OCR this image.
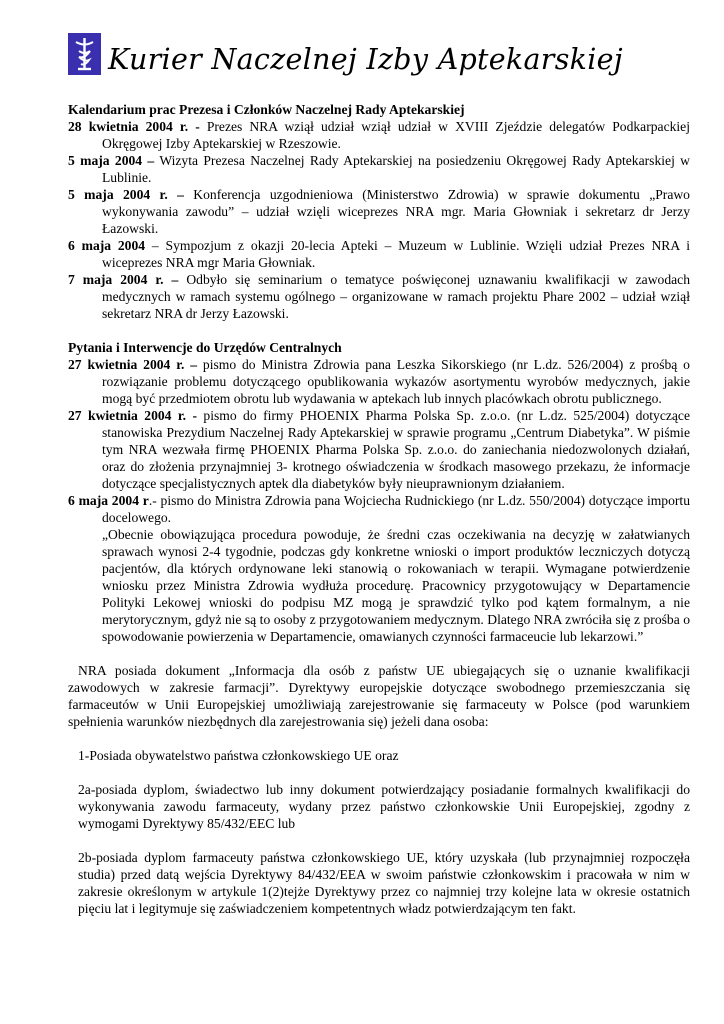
Kurier Naczelnej Izby Aptekarskiej

Kalendarium prac Prezesa i Członków Naczelnej Rady Aptekarskiej

28 kwietnia 2004 r. - Prezes NRA wziął udział wziął udział w XVIII Zjeździe delegatów Podkarpackiej Okręgowej Izby Aptekarskiej w Rzeszowie.

5 maja 2004 – Wizyta Prezesa Naczelnej Rady Aptekarskiej na posiedzeniu Okręgowej Rady Aptekarskiej w Lublinie.

5 maja 2004 r. – Konferencja uzgodnieniowa (Ministerstwo Zdrowia) w sprawie dokumentu „Prawo wykonywania zawodu” – udział wzięli wiceprezes NRA mgr. Maria Głowniak i sekretarz dr Jerzy Łazowski.

6 maja 2004 – Sympozjum z okazji 20-lecia Apteki – Muzeum w Lublinie. Wzięli udział Prezes NRA i wiceprezes NRA mgr Maria Głowniak.

7 maja 2004 r. – Odbyło się seminarium o tematyce poświęconej uznawaniu kwalifikacji w zawodach medycznych w ramach systemu ogólnego – organizowane w ramach projektu Phare 2002 – udział wziął sekretarz NRA dr Jerzy Łazowski.

Pytania i Interwencje do Urzędów Centralnych

27 kwietnia 2004 r. – pismo do Ministra Zdrowia pana Leszka Sikorskiego (nr L.dz. 526/2004) z prośbą o rozwiązanie problemu dotyczącego opublikowania wykazów asortymentu wyrobów medycznych, jakie mogą być przedmiotem obrotu lub wydawania w aptekach lub innych placówkach obrotu publicznego.

27 kwietnia 2004 r. - pismo do firmy PHOENIX Pharma Polska Sp. z.o.o. (nr L.dz. 525/2004) dotyczące stanowiska Prezydium Naczelnej Rady Aptekarskiej w sprawie programu „Centrum Diabetyka”. W piśmie tym NRA wezwała firmę PHOENIX Pharma Polska Sp. z.o.o. do zaniechania niedozwolonych działań, oraz do złożenia przynajmniej 3- krotnego oświadczenia w środkach masowego przekazu, że informacje dotyczące specjalistycznych aptek dla diabetyków były nieuprawnionym działaniem.

6 maja 2004 r.- pismo do Ministra Zdrowia pana Wojciecha Rudnickiego (nr L.dz. 550/2004) dotyczące importu docelowego.

„Obecnie obowiązująca procedura powoduje, że średni czas oczekiwania na decyzję w załatwianych sprawach wynosi 2-4 tygodnie, podczas gdy konkretne wnioski o import produktów leczniczych dotyczą pacjentów, dla których ordynowane leki stanowią o rokowaniach w terapii. Wymagane potwierdzenie wniosku przez Ministra Zdrowia wydłuża procedurę. Pracownicy przygotowujący w Departamencie Polityki Lekowej wnioski do podpisu MZ mogą je sprawdzić tylko pod kątem formalnym, a nie merytorycznym, gdyż nie są to osoby z przygotowaniem medycznym. Dlatego NRA zwróciła się z prośba o spowodowanie powierzenia w Departamencie, omawianych czynności farmaceucie lub lekarzowi.”

NRA posiada dokument „Informacja dla osób z państw UE ubiegających się o uznanie kwalifikacji zawodowych w zakresie farmacji”. Dyrektywy europejskie dotyczące swobodnego przemieszczania się farmaceutów w Unii Europejskiej umożliwiają zarejestrowanie się farmaceuty w Polsce (pod warunkiem spełnienia warunków niezbędnych dla zarejestrowania się) jeżeli dana osoba:

1-Posiada obywatelstwo państwa członkowskiego UE oraz

2a-posiada dyplom, świadectwo lub inny dokument potwierdzający posiadanie formalnych kwalifikacji do wykonywania zawodu farmaceuty, wydany przez państwo członkowskie Unii Europejskiej, zgodny z wymogami Dyrektywy 85/432/EEC lub

2b-posiada dyplom farmaceuty państwa członkowskiego UE, który uzyskała (lub przynajmniej rozpoczęła studia) przed datą wejścia Dyrektywy 84/432/EEA w swoim państwie członkowskim i pracowała w nim w zakresie określonym w artykule 1(2)tejże Dyrektywy przez co najmniej trzy kolejne lata w okresie ostatnich pięciu lat i legitymuje się zaświadczeniem kompetentnych władz potwierdzającym ten fakt.
